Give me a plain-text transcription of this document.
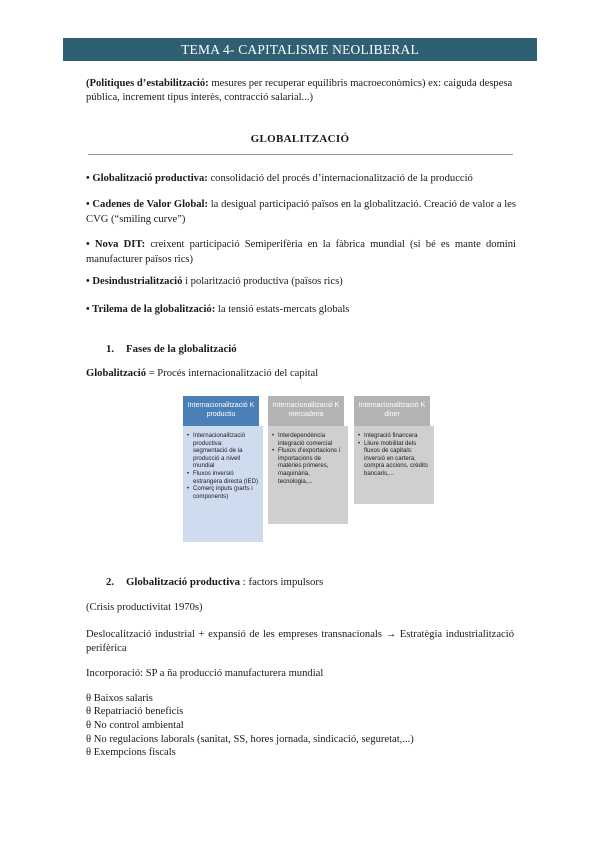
TEMA 4- CAPITALISME NEOLIBERAL
(Politiques d’estabilització: mesures per recuperar equilibris macroeconòmics) ex: caiguda despesa pública, increment tipus interès, contracció salarial...)
GLOBALITZACIÓ
• Globalització productiva: consolidació del procés d’internacionalització de la producció
• Cadenes de Valor Global: la desigual participació països en la globalització. Creació de valor a les CVG (“smiling curve”)
• Nova DIT: creixent participació Semiperifèria en la fàbrica mundial (si bé es mante domini manufacturer països rics)
• Desindustrialització i polarització productiva (països rics)
• Trilema de la globalització: la tensió estats-mercats globals
1. Fases de la globalització
Globalització = Procés internacionalització del capital
Internacionalització K productiu
• Internacionalització productiva: segmentació de la producció a nivell mundial
• Fluxos inversió estrangera directa (IED)
• Comerç inputs (parts i components)
Internacionalització K mercaderia
• Interdependència integració comercial
• Fluxos d’exportacions i importacions de matèries primeres, maquinària, tecnologia,...
Internacionalització K diner
• Integració financera
• Lliure mobilitat dels fluxos de capitals: inversió en cartera, compra accions, crèdits bancaris,...
2. Globalització productiva : factors impulsors
(Crisis productivitat 1970s)
Deslocalització industrial + expansió de les empreses transnacionals → Estratègia industrialització perifèrica
Incorporació: SP a ña producció manufacturera mundial
θ Baixos salaris
θ Repatriació beneficis
θ No control ambiental
θ No regulacions laborals (sanitat, SS, hores jornada, sindicació, seguretat,...)
θ Exempcions fiscals
